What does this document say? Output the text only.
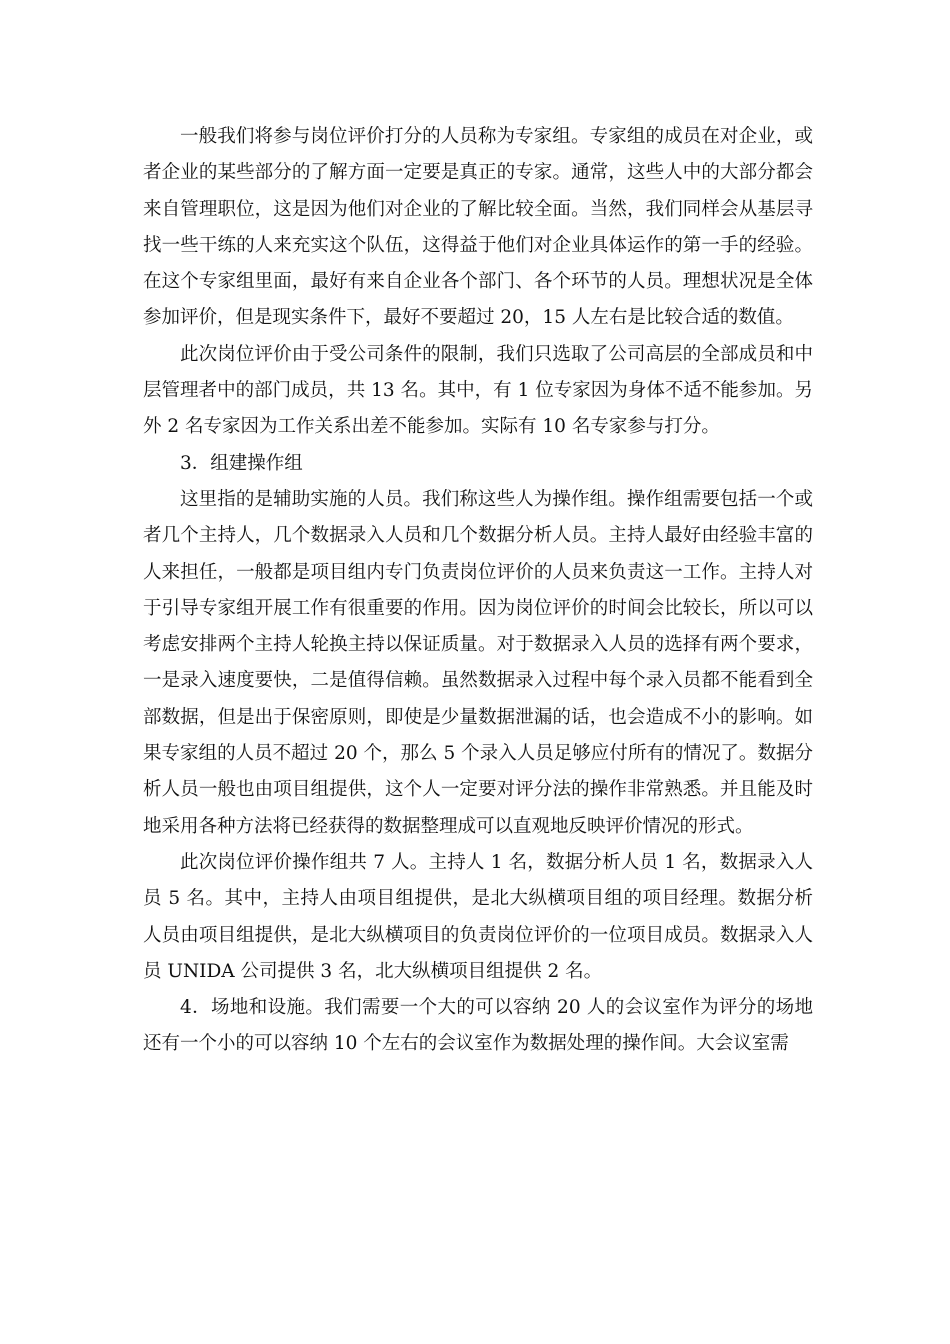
一般我们将参与岗位评价打分的人员称为专家组。专家组的成员在对企业，或者企业的某些部分的了解方面一定要是真正的专家。通常，这些人中的大部分都会来自管理职位，这是因为他们对企业的了解比较全面。当然，我们同样会从基层寻找一些干练的人来充实这个队伍，这得益于他们对企业具体运作的第一手的经验。在这个专家组里面，最好有来自企业各个部门、各个环节的人员。理想状况是全体参加评价，但是现实条件下，最好不要超过 20，15 人左右是比较合适的数值。

此次岗位评价由于受公司条件的限制，我们只选取了公司高层的全部成员和中层管理者中的部门成员，共 13 名。其中，有 1 位专家因为身体不适不能参加。另外 2 名专家因为工作关系出差不能参加。实际有 10 名专家参与打分。

3．组建操作组

这里指的是辅助实施的人员。我们称这些人为操作组。操作组需要包括一个或者几个主持人，几个数据录入人员和几个数据分析人员。主持人最好由经验丰富的人来担任，一般都是项目组内专门负责岗位评价的人员来负责这一工作。主持人对于引导专家组开展工作有很重要的作用。因为岗位评价的时间会比较长，所以可以考虑安排两个主持人轮换主持以保证质量。对于数据录入人员的选择有两个要求，一是录入速度要快，二是值得信赖。虽然数据录入过程中每个录入员都不能看到全部数据，但是出于保密原则，即使是少量数据泄漏的话，也会造成不小的影响。如果专家组的人员不超过 20 个，那么 5 个录入人员足够应付所有的情况了。数据分析人员一般也由项目组提供，这个人一定要对评分法的操作非常熟悉。并且能及时地采用各种方法将已经获得的数据整理成可以直观地反映评价情况的形式。

此次岗位评价操作组共 7 人。主持人 1 名，数据分析人员 1 名，数据录入人员 5 名。其中，主持人由项目组提供，是北大纵横项目组的项目经理。数据分析人员由项目组提供，是北大纵横项目的负责岗位评价的一位项目成员。数据录入人员 UNIDA 公司提供 3 名，北大纵横项目组提供 2 名。

4．场地和设施。我们需要一个大的可以容纳 20 人的会议室作为评分的场地还有一个小的可以容纳 10 个左右的会议室作为数据处理的操作间。大会议室需
